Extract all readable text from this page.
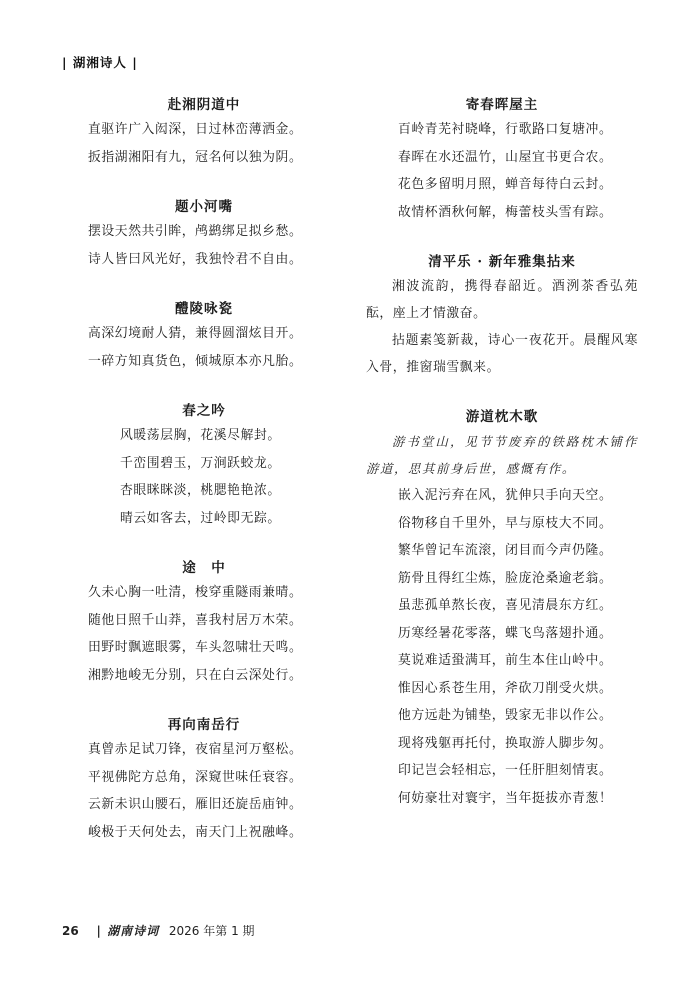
| 湖湘诗人 |
赴湘阴道中
直驱许广入闳深，日过林峦薄洒金。
扳指湖湘阳有九，冠名何以独为阴。
题小河嘴
摆设天然共引眸，鸬鹚绑足拟乡愁。
诗人皆曰风光好，我独怜君不自由。
醴陵咏瓷
高深幻境耐人猜，兼得圆溜炫目开。
一碎方知真货色，倾城原本亦凡胎。
春之吟
风暖荡层胸，花溪尽解封。
千峦围碧玉，万涧跃蛟龙。
杏眼眯眯淡，桃腮艳艳浓。
晴云如客去，过岭即无踪。
途　中
久未心胸一吐清，梭穿重隧雨兼晴。
随他日照千山莽，喜我村居万木荣。
田野时飘遮眼雾，车头忽啸壮天鸣。
湘黔地峻无分别，只在白云深处行。
再向南岳行
真曾赤足试刀锋，夜宿星河万壑松。
平视佛陀方总角，深窥世味任衰容。
云新未识山腰石，雁旧还旋岳庙钟。
峻极于天何处去，南天门上祝融峰。
寄春晖屋主
百岭青芜衬晓峰，行歌路口复塘冲。
春晖在水还温竹，山屋宜书更合农。
花色多留明月照，蝉音每待白云封。
故情杯酒秋何解，梅蕾枝头雪有踪。
清平乐 · 新年雅集拈来
湘波流韵，携得春韶近。酒洌茶香弘苑酝，座上才情激奋。
拈题素笺新裁，诗心一夜花开。晨醒风寒入骨，推窗瑞雪飘来。
游道枕木歌
游书堂山，见节节废弃的铁路枕木铺作游道，思其前身后世，感慨有作。
嵌入泥污弃在风，犹伸只手向天空。
俗物移自千里外，早与原枝大不同。
繁华曾记车流滚，闭目而今声仍隆。
筋骨且得红尘炼，脸庞沧桑逾老翁。
虽悲孤单熬长夜，喜见清晨东方红。
历寒经暑花零落，蝶飞鸟落翅扑通。
莫说难适蛩满耳，前生本住山岭中。
惟因心系苍生用，斧砍刀削受火烘。
他方远赴为铺垫，毁家无非以作公。
现将残躯再托付，换取游人脚步匆。
印记岂会轻相忘，一任肝胆刻情衷。
何妨豪壮对寰宇，当年挺拔亦青葱！
26 | 湖南诗词 2026 年第 1 期
